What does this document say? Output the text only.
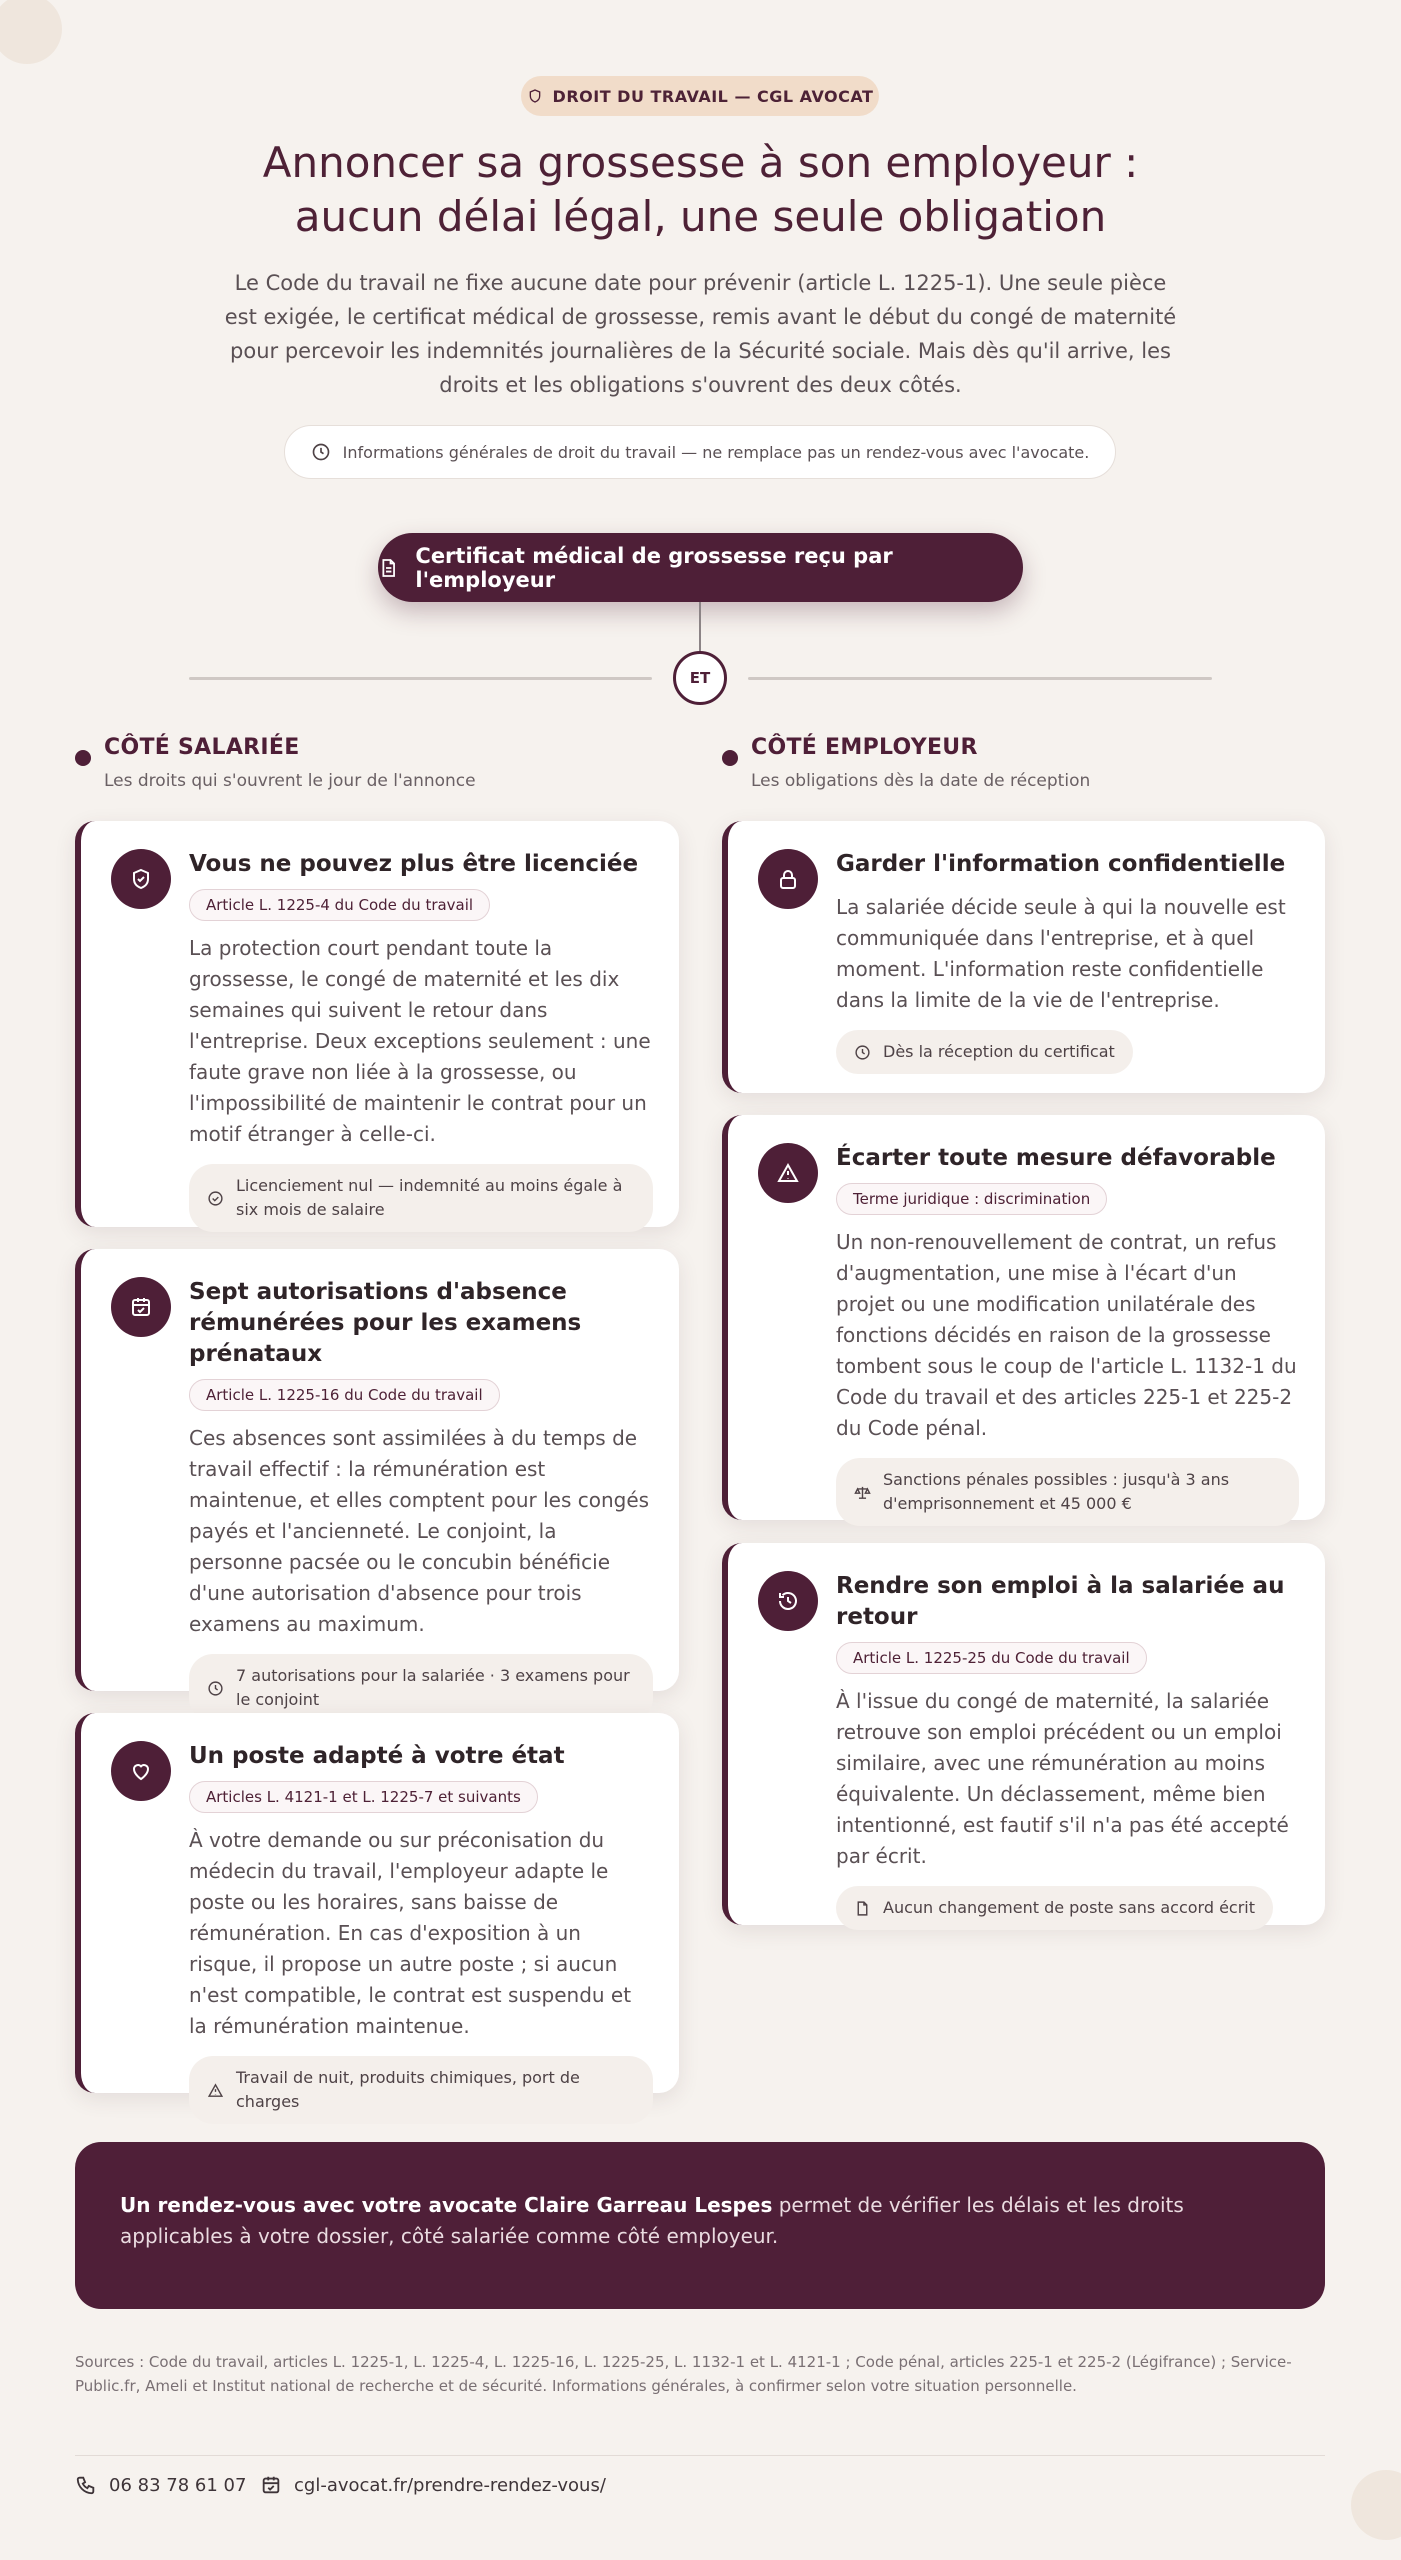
DROIT DU TRAVAIL — CGL AVOCAT
Annoncer sa grossesse à son employeur :
aucun délai légal, une seule obligation

Le Code du travail ne fixe aucune date pour prévenir (article L. 1225-1). Une seule pièce est exigée, le certificat médical de grossesse, remis avant le début du congé de maternité pour percevoir les indemnités journalières de la Sécurité sociale. Mais dès qu'il arrive, les droits et les obligations s'ouvrent des deux côtés.

Informations générales de droit du travail — ne remplace pas un rendez-vous avec l'avocate.
Certificat médical de grossesse reçu par l'employeur
ET
CÔTÉ SALARIÉE
Les droits qui s'ouvrent le jour de l'annonce
CÔTÉ EMPLOYEUR
Les obligations dès la date de réception
Vous ne pouvez plus être licenciée
Article L. 1225-4 du Code du travail

La protection court pendant toute la grossesse, le congé de maternité et les dix semaines qui suivent le retour dans l'entreprise. Deux exceptions seulement : une faute grave non liée à la grossesse, ou l'impossibilité de maintenir le contrat pour un motif étranger à celle-ci.

Licenciement nul — indemnité au moins égale à six mois de salaire
Sept autorisations d'absence rémunérées pour les examens prénataux
Article L. 1225-16 du Code du travail

Ces absences sont assimilées à du temps de travail effectif : la rémunération est maintenue, et elles comptent pour les congés payés et l'ancienneté. Le conjoint, la personne pacsée ou le concubin bénéficie d'une autorisation d'absence pour trois examens au maximum.

7 autorisations pour la salariée · 3 examens pour le conjoint
Un poste adapté à votre état
Articles L. 4121-1 et L. 1225-7 et suivants

À votre demande ou sur préconisation du médecin du travail, l'employeur adapte le poste ou les horaires, sans baisse de rémunération. En cas d'exposition à un risque, il propose un autre poste ; si aucun n'est compatible, le contrat est suspendu et la rémunération maintenue.

Travail de nuit, produits chimiques, port de charges
Garder l'information confidentielle

La salariée décide seule à qui la nouvelle est communiquée dans l'entreprise, et à quel moment. L'information reste confidentielle dans la limite de la vie de l'entreprise.

Dès la réception du certificat
Écarter toute mesure défavorable
Terme juridique : discrimination

Un non-renouvellement de contrat, un refus d'augmentation, une mise à l'écart d'un projet ou une modification unilatérale des fonctions décidés en raison de la grossesse tombent sous le coup de l'article L. 1132-1 du Code du travail et des articles 225-1 et 225-2 du Code pénal.

Sanctions pénales possibles : jusqu'à 3 ans d'emprisonnement et 45 000 €
Rendre son emploi à la salariée au retour
Article L. 1225-25 du Code du travail

À l'issue du congé de maternité, la salariée retrouve son emploi précédent ou un emploi similaire, avec une rémunération au moins équivalente. Un déclassement, même bien intentionné, est fautif s'il n'a pas été accepté par écrit.

Aucun changement de poste sans accord écrit
Un rendez-vous avec votre avocate Claire Garreau Lespes permet de vérifier les délais et les droits applicables à votre dossier, côté salariée comme côté employeur.

Sources : Code du travail, articles L. 1225-1, L. 1225-4, L. 1225-16, L. 1225-25, L. 1132-1 et L. 4121-1 ; Code pénal, articles 225-1 et 225-2 (Légifrance) ; Service-Public.fr, Ameli et Institut national de recherche et de sécurité. Informations générales, à confirmer selon votre situation personnelle.

06 83 78 61 07	cgl-avocat.fr/prendre-rendez-vous/
